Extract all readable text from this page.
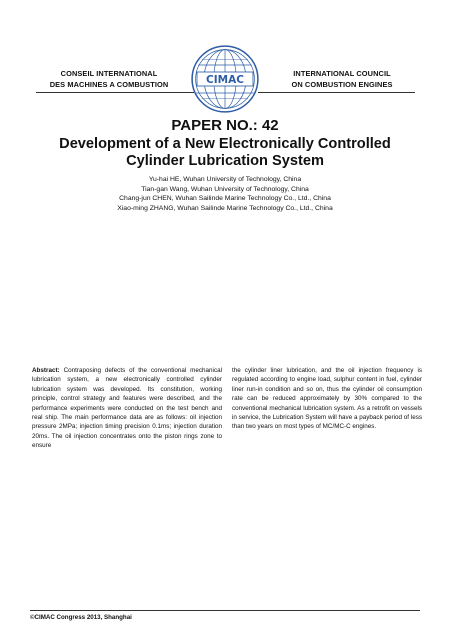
CONSEIL INTERNATIONAL
DES MACHINES A COMBUSTION	CIMAC
INTERNATIONAL COUNCIL
ON COMBUSTION ENGINES
PAPER NO.: 42
Development of a New Electronically Controlled
Cylinder Lubrication System
Yu-hai HE, Wuhan University of Technology, China
Tian-gan Wang, Wuhan University of Technology, China
Chang-jun CHEN, Wuhan Sailinde Marine Technology Co., Ltd., China
Xiao-ming ZHANG, Wuhan Sailinde Marine Technology Co., Ltd., China
Abstract: Contraposing defects of the conventional mechanical lubrication system, a new electronically controlled cylinder lubrication system was developed. Its constitution, working principle, control strategy and features were described, and the performance experiments were conducted on the test bench and real ship. The main performance data are as follows: oil injection pressure 2MPa; injection timing precision 0.1ms; injection duration 20ms. The oil injection concentrates onto the piston rings zone to ensure
the cylinder liner lubrication, and the oil injection frequency is regulated according to engine load, sulphur content in fuel, cylinder liner run-in condition and so on, thus the cylinder oil consumption rate can be reduced approximately by 30% compared to the conventional mechanical lubrication system. As a retrofit on vessels in service, the Lubrication System will have a payback period of less than two years on most types of MC/MC-C engines.
©CIMAC Congress 2013, Shanghai
